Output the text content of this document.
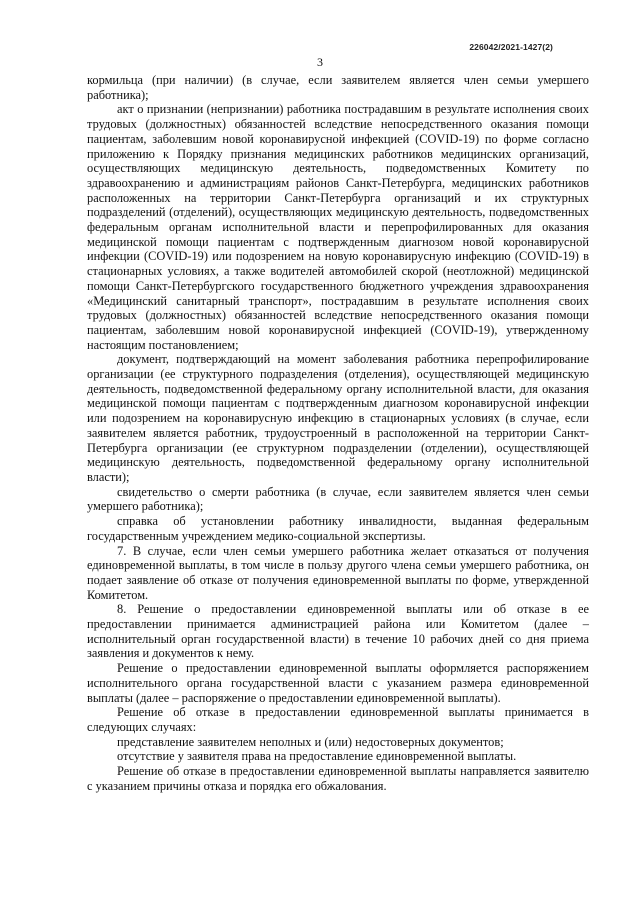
226042/2021-1427(2)
3

кормильца (при наличии) (в случае, если заявителем является член семьи умершего работника);

акт о признании (непризнании) работника пострадавшим в результате исполнения своих трудовых (должностных) обязанностей вследствие непосредственного оказания помощи пациентам, заболевшим новой коронавирусной инфекцией (COVID-19) по форме согласно приложению к Порядку признания медицинских работников медицинских организаций, осуществляющих медицинскую деятельность, подведомственных Комитету по здравоохранению и администрациям районов Санкт-Петербурга, медицинских работников расположенных на территории Санкт-Петербурга организаций и их структурных подразделений (отделений), осуществляющих медицинскую деятельность, подведомственных федеральным органам исполнительной власти и перепрофилированных для оказания медицинской помощи пациентам с подтвержденным диагнозом новой коронавирусной инфекции (COVID-19) или подозрением на новую коронавирусную инфекцию (COVID-19) в стационарных условиях, а также водителей автомобилей скорой (неотложной) медицинской помощи Санкт-Петербургского государственного бюджетного учреждения здравоохранения «Медицинский санитарный транспорт», пострадавшим в результате исполнения своих трудовых (должностных) обязанностей вследствие непосредственного оказания помощи пациентам, заболевшим новой коронавирусной инфекцией (COVID-19), утвержденному настоящим постановлением;

документ, подтверждающий на момент заболевания работника перепрофилирование организации (ее структурного подразделения (отделения), осуществляющей медицинскую деятельность, подведомственной федеральному органу исполнительной власти, для оказания медицинской помощи пациентам с подтвержденным диагнозом коронавирусной инфекции или подозрением на коронавирусную инфекцию в стационарных условиях (в случае, если заявителем является работник, трудоустроенный в расположенной на территории Санкт-Петербурга организации (ее структурном подразделении (отделении), осуществляющей медицинскую деятельность, подведомственной федеральному органу исполнительной власти);

свидетельство о смерти работника (в случае, если заявителем является член семьи умершего работника);

справка об установлении работнику инвалидности, выданная федеральным государственным учреждением медико-социальной экспертизы.

7. В случае, если член семьи умершего работника желает отказаться от получения единовременной выплаты, в том числе в пользу другого члена семьи умершего работника, он подает заявление об отказе от получения единовременной выплаты по форме, утвержденной Комитетом.

8. Решение о предоставлении единовременной выплаты или об отказе в ее предоставлении принимается администрацией района или Комитетом (далее – исполнительный орган государственной власти) в течение 10 рабочих дней со дня приема заявления и документов к нему.

Решение о предоставлении единовременной выплаты оформляется распоряжением исполнительного органа государственной власти с указанием размера единовременной выплаты (далее – распоряжение о предоставлении единовременной выплаты).

Решение об отказе в предоставлении единовременной выплаты принимается в следующих случаях:

представление заявителем неполных и (или) недостоверных документов;

отсутствие у заявителя права на предоставление единовременной выплаты.

Решение об отказе в предоставлении единовременной выплаты направляется заявителю с указанием причины отказа и порядка его обжалования.
